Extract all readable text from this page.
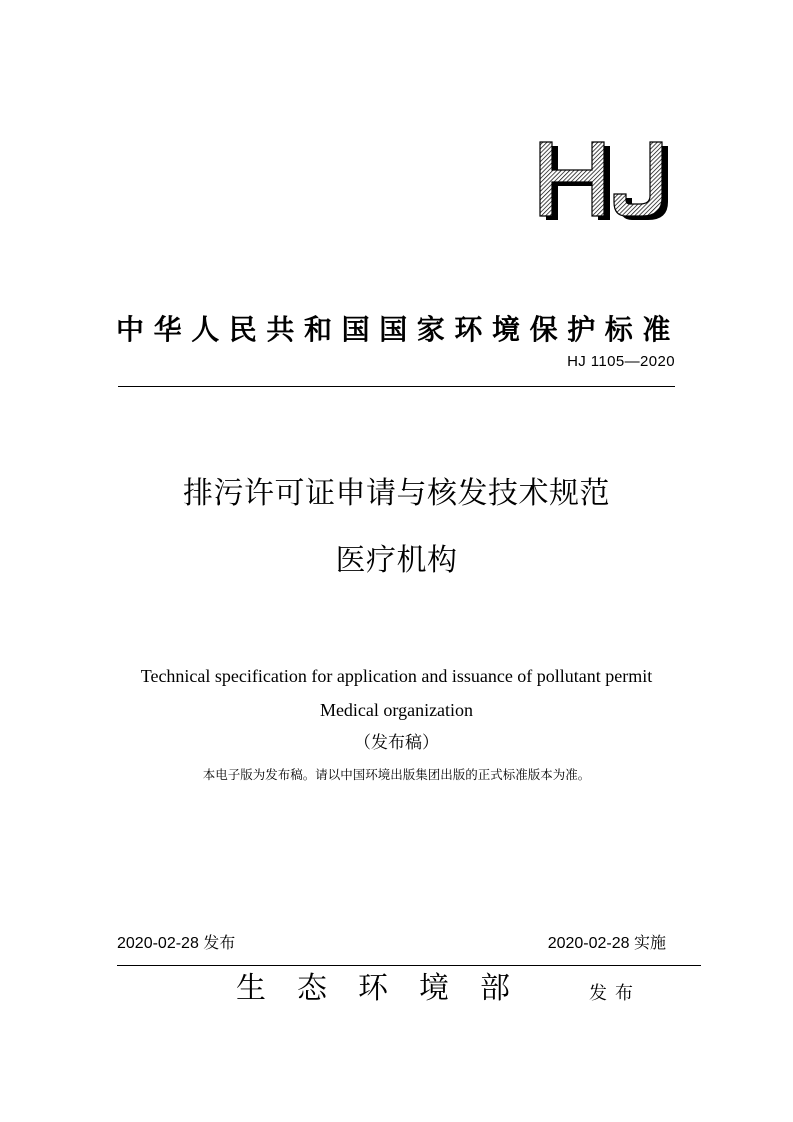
中华人民共和国国家环境保护标准
HJ 1105—2020
排污许可证申请与核发技术规范
医疗机构
Technical specification for application and issuance of pollutant permit
Medical organization
（发布稿）
本电子版为发布稿。请以中国环境出版集团出版的正式标准版本为准。
2020-02-28 发布	2020-02-28 实施
生态环境部	发布
